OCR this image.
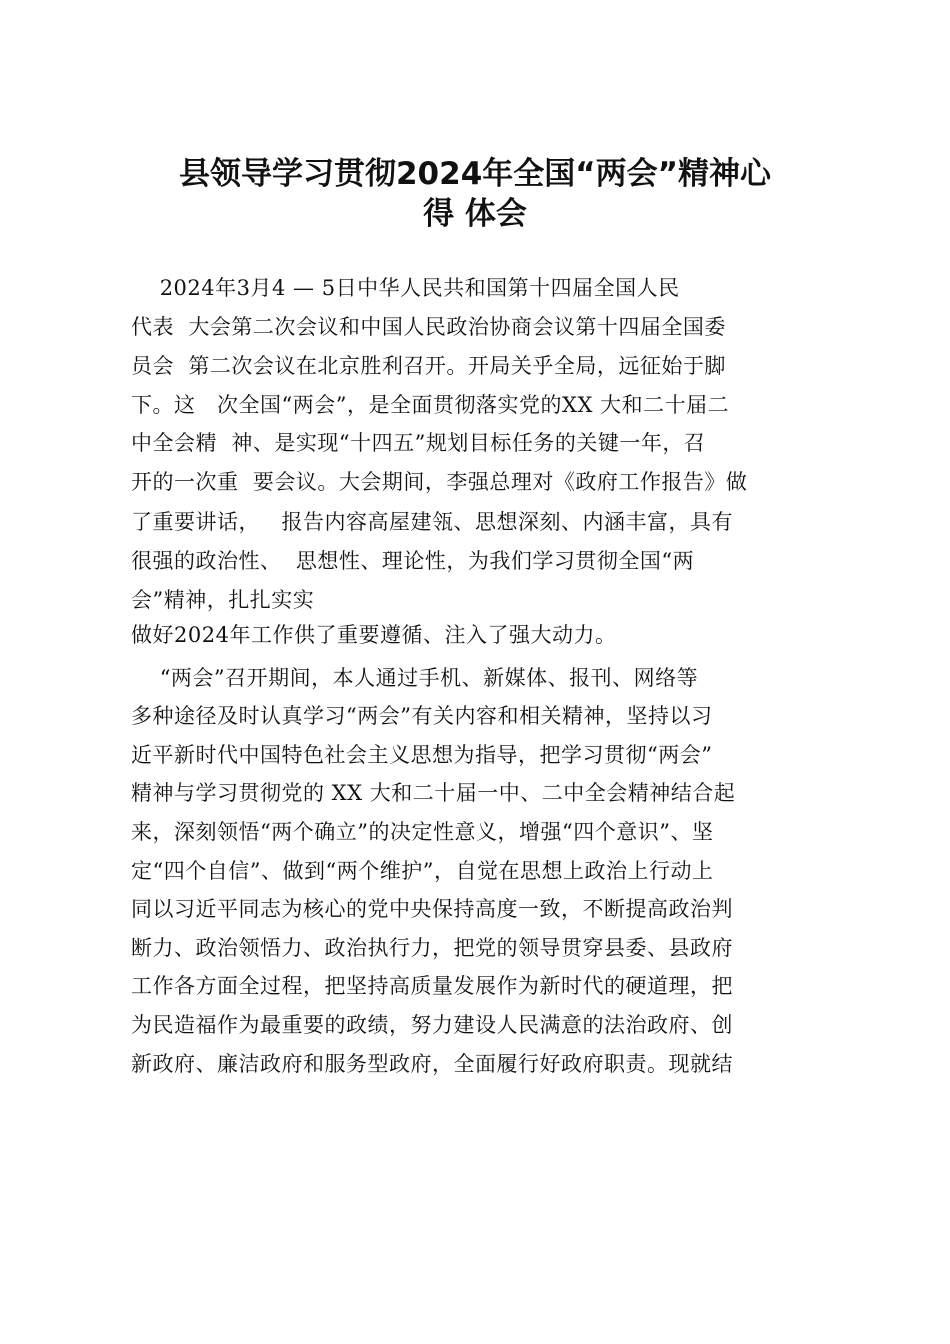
县领导学习贯彻2024年全国“两会”精神心
得 体会
2024年3月4 — 5日中华人民共和国第十四届全国人民
代表  大会第二次会议和中国人民政治协商会议第十四届全国委
员会  第二次会议在北京胜利召开。开局关乎全局，远征始于脚
下。这   次全国“两会”，是全面贯彻落实党的XX 大和二十届二
中全会精  神、是实现“十四五”规划目标任务的关键一年，召
开的一次重  要会议。大会期间，李强总理对《政府工作报告》做
了重要讲话，   报告内容高屋建瓴、思想深刻、内涵丰富，具有
很强的政治性、  思想性、理论性，为我们学习贯彻全国“两
会”精神，扎扎实实
做好2024年工作供了重要遵循、注入了强大动力。
“两会”召开期间，本人通过手机、新媒体、报刊、网络等
多种途径及时认真学习“两会”有关内容和相关精神，坚持以习
近平新时代中国特色社会主义思想为指导，把学习贯彻“两会”
精神与学习贯彻党的 XX 大和二十届一中、二中全会精神结合起
来，深刻领悟“两个确立”的决定性意义，增强“四个意识”、坚
定“四个自信”、做到“两个维护”，自觉在思想上政治上行动上
同以习近平同志为核心的党中央保持高度一致，不断提高政治判
断力、政治领悟力、政治执行力，把党的领导贯穿县委、县政府
工作各方面全过程，把坚持高质量发展作为新时代的硬道理，把
为民造福作为最重要的政绩，努力建设人民满意的法治政府、创
新政府、廉洁政府和服务型政府，全面履行好政府职责。现就结
